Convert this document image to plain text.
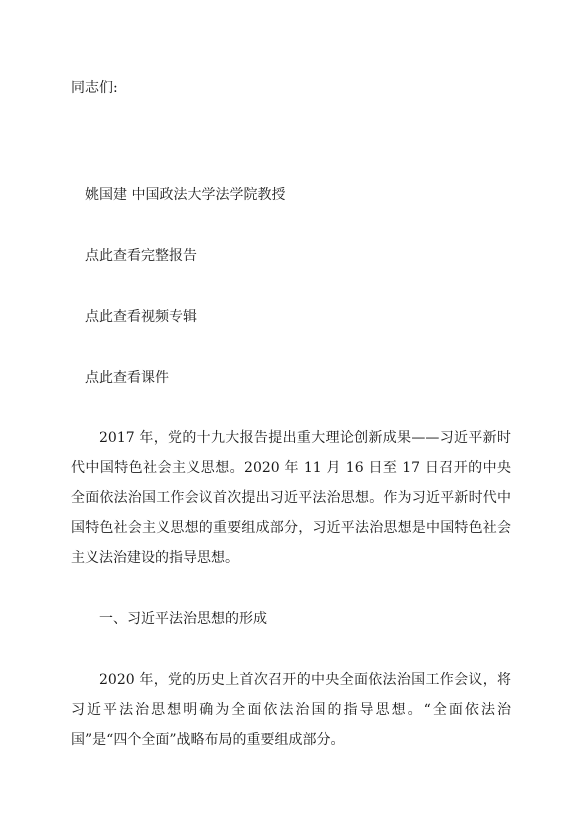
同志们:
姚国建 中国政法大学法学院教授
点此查看完整报告
点此查看视频专辑
点此查看课件
2017 年，党的十九大报告提出重大理论创新成果——习近平新时代中国特色社会主义思想。2020 年 11 月 16 日至 17 日召开的中央全面依法治国工作会议首次提出习近平法治思想。作为习近平新时代中国特色社会主义思想的重要组成部分，习近平法治思想是中国特色社会主义法治建设的指导思想。
一、习近平法治思想的形成
2020 年，党的历史上首次召开的中央全面依法治国工作会议，将习近平法治思想明确为全面依法治国的指导思想。“全面依法治国”是“四个全面”战略布局的重要组成部分。
